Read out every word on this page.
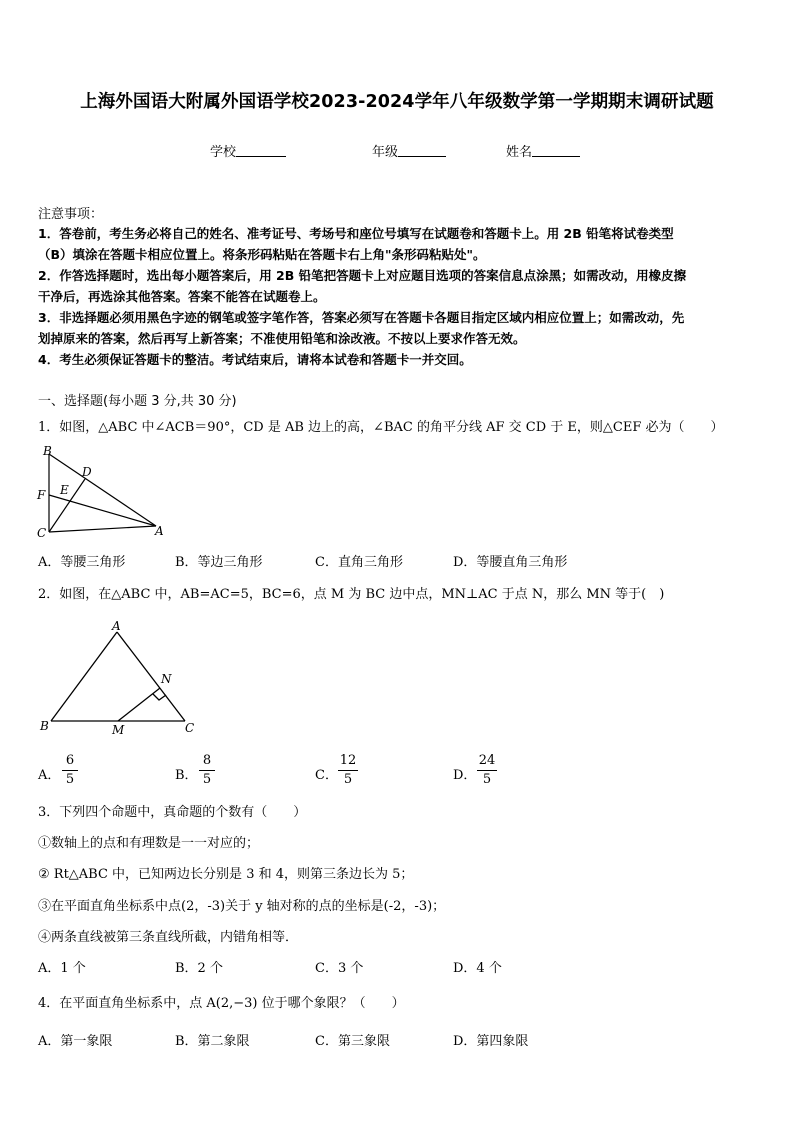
上海外国语大附属外国语学校2023-2024学年八年级数学第一学期期末调研试题
学校	年级	姓名
注意事项：
1．答卷前，考生务必将自己的姓名、准考证号、考场号和座位号填写在试题卷和答题卡上。用 2B 铅笔将试卷类型
（B）填涂在答题卡相应位置上。将条形码粘贴在答题卡右上角"条形码粘贴处"。
2．作答选择题时，选出每小题答案后，用 2B 铅笔把答题卡上对应题目选项的答案信息点涂黑；如需改动，用橡皮擦
干净后，再选涂其他答案。答案不能答在试题卷上。
3．非选择题必须用黑色字迹的钢笔或签字笔作答，答案必须写在答题卡各题目指定区域内相应位置上；如需改动，先
划掉原来的答案，然后再写上新答案；不准使用铅笔和涂改液。不按以上要求作答无效。
4．考生必须保证答题卡的整洁。考试结束后，请将本试卷和答题卡一并交回。
一、选择题(每小题 3 分,共 30 分)
1．如图，△ABC 中∠ACB＝90°，CD 是 AB 边上的高，∠BAC 的角平分线 AF 交 CD 于 E，则△CEF 必为（　　）
B
D
F E
C	A
A．等腰三角形	B．等边三角形	C．直角三角形	D．等腰直角三角形
2．如图，在△ABC 中，AB=AC=5，BC=6，点 M 为 BC 边中点，MN⊥AC 于点 N，那么 MN 等于(　)
A
N
B	M	C
A．
6
5	B．
8
5	C．
12
5	D．
24
5
3．下列四个命题中，真命题的个数有（　　）
①数轴上的点和有理数是一一对应的；
② Rt△ABC 中，已知两边长分别是 3 和 4，则第三条边长为 5；
③在平面直角坐标系中点(2，-3)关于 y 轴对称的点的坐标是(-2，-3)；
④两条直线被第三条直线所截，内错角相等．
A．1 个	B．2 个	C．3 个	D．4 个
4．在平面直角坐标系中，点 A(2,−3) 位于哪个象限？（　　）
A．第一象限	B．第二象限	C．第三象限	D．第四象限
